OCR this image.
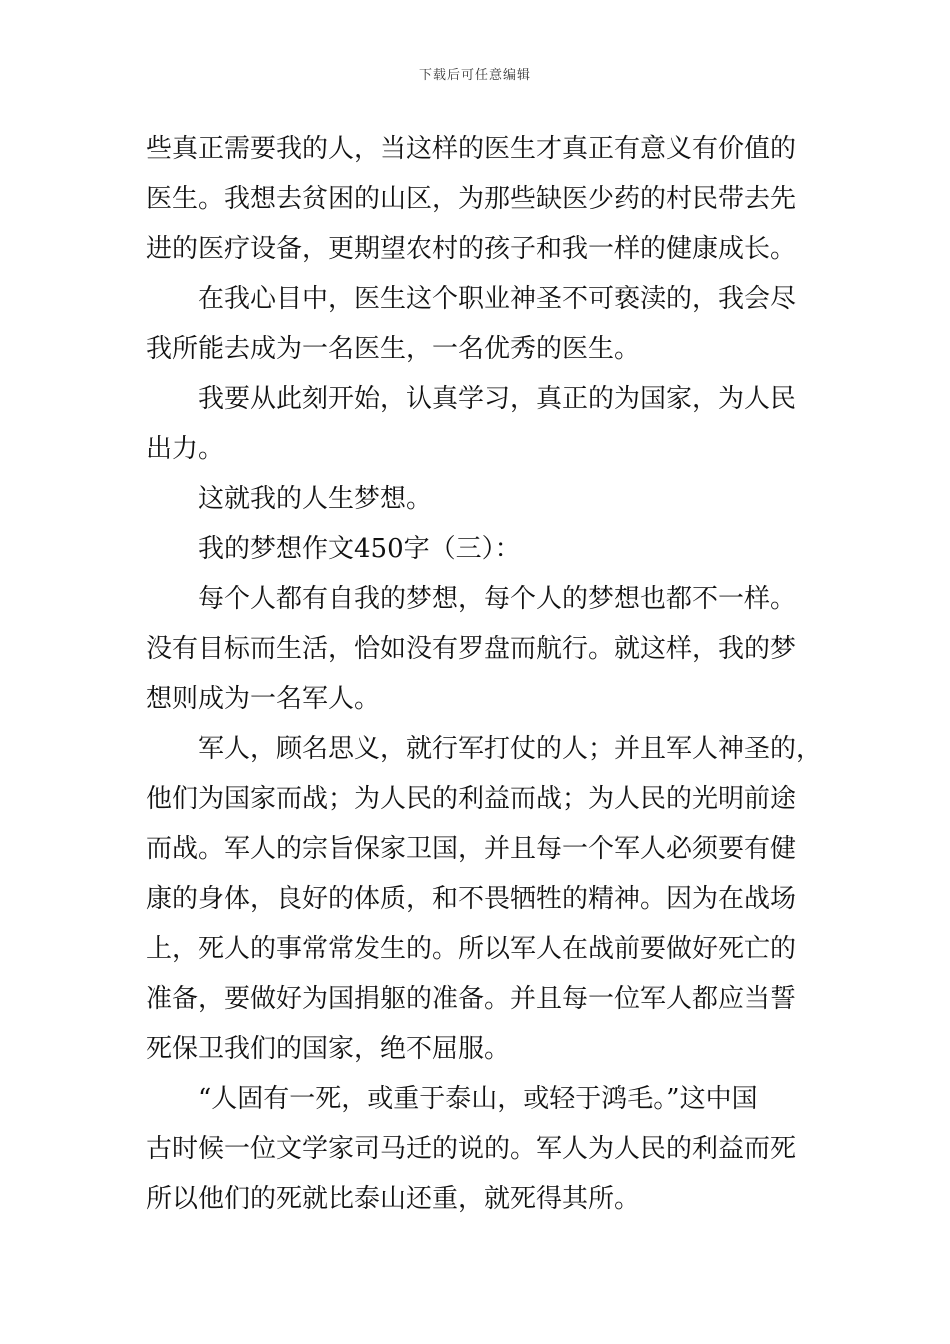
下载后可任意编辑
些真正需要我的人，当这样的医生才真正有意义有价值的
医生。我想去贫困的山区，为那些缺医少药的村民带去先
进的医疗设备，更期望农村的孩子和我一样的健康成长。
在我心目中，医生这个职业神圣不可亵渎的，我会尽
我所能去成为一名医生，一名优秀的医生。
我要从此刻开始，认真学习，真正的为国家，为人民
出力。
这就我的人生梦想。
我的梦想作文450字（三）：
每个人都有自我的梦想，每个人的梦想也都不一样。
没有目标而生活，恰如没有罗盘而航行。就这样，我的梦
想则成为一名军人。
军人，顾名思义，就行军打仗的人；并且军人神圣的，
他们为国家而战；为人民的利益而战；为人民的光明前途
而战。军人的宗旨保家卫国，并且每一个军人必须要有健
康的身体，良好的体质，和不畏牺牲的精神。因为在战场
上，死人的事常常发生的。所以军人在战前要做好死亡的
准备，要做好为国捐躯的准备。并且每一位军人都应当誓
死保卫我们的国家，绝不屈服。
“人固有一死，或重于泰山，或轻于鸿毛。”这中国
古时候一位文学家司马迁的说的。军人为人民的利益而死
所以他们的死就比泰山还重，就死得其所。
